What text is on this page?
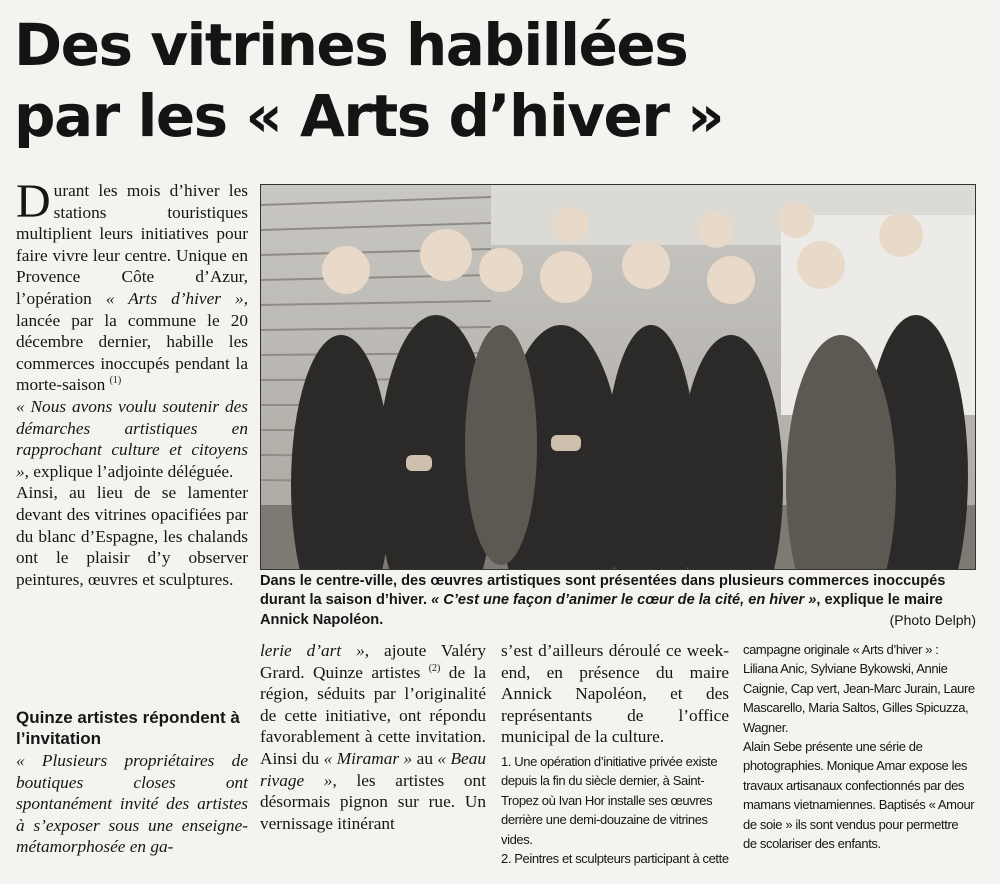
Des vitrines habillées
par les « Arts d’hiver »

Durant les mois d’hiver les stations touristiques multiplient leurs initiatives pour faire vivre leur centre. Unique en Provence Côte d’Azur, l’opération « Arts d’hiver », lancée par la commune le 20 décembre dernier, habille les commerces inoccupés pendant la morte-saison $^{(1)}$

« Nous avons voulu soutenir des démarches artistiques en rapprochant culture et citoyens », explique l’adjointe déléguée.

Ainsi, au lieu de se lamenter devant des vitrines opacifiées par du blanc d’Espagne, les chalands ont le plaisir d’y observer peintures, œuvres et sculptures.

Quinze artistes répondent à l’invitation

« Plusieurs propriétaires de boutiques closes ont spontanément invité des artistes à s’exposer sous une enseigne-métamorphosée en ga-

Dans le centre-ville, des œuvres artistiques sont présentées dans plusieurs commerces inoccupés durant la saison d’hiver. « C’est une façon d’animer le cœur de la cité, en hiver », explique le maire Annick Napoléon.	(Photo Delph)

lerie d’art », ajoute Valéry Grard. Quinze artistes $^{(2)}$ de la région, séduits par l’originalité de cette initiative, ont répondu favorablement à cette invitation. Ainsi du « Miramar » au « Beau rivage », les artistes ont désormais pignon sur rue. Un vernissage itinérant

s’est d’ailleurs déroulé ce week-end, en présence du maire Annick Napoléon, et des représentants de l’office municipal de la culture.

1. Une opération d’initiative privée existe depuis la fin du siècle dernier, à Saint-Tropez où Ivan Hor installe ses œuvres derrière une demi-douzaine de vitrines vides.
2. Peintres et sculpteurs participant à cette
campagne originale « Arts d’hiver » : Liliana Anic, Sylviane Bykowski, Annie Caignie, Cap vert, Jean-Marc Jurain, Laure Mascarello, Maria Saltos, Gilles Spicuzza, Wagner.
Alain Sebe présente une série de photographies. Monique Amar expose les travaux artisanaux confectionnés par des mamans vietnamiennes. Baptisés « Amour de soie » ils sont vendus pour permettre de scolariser des enfants.
